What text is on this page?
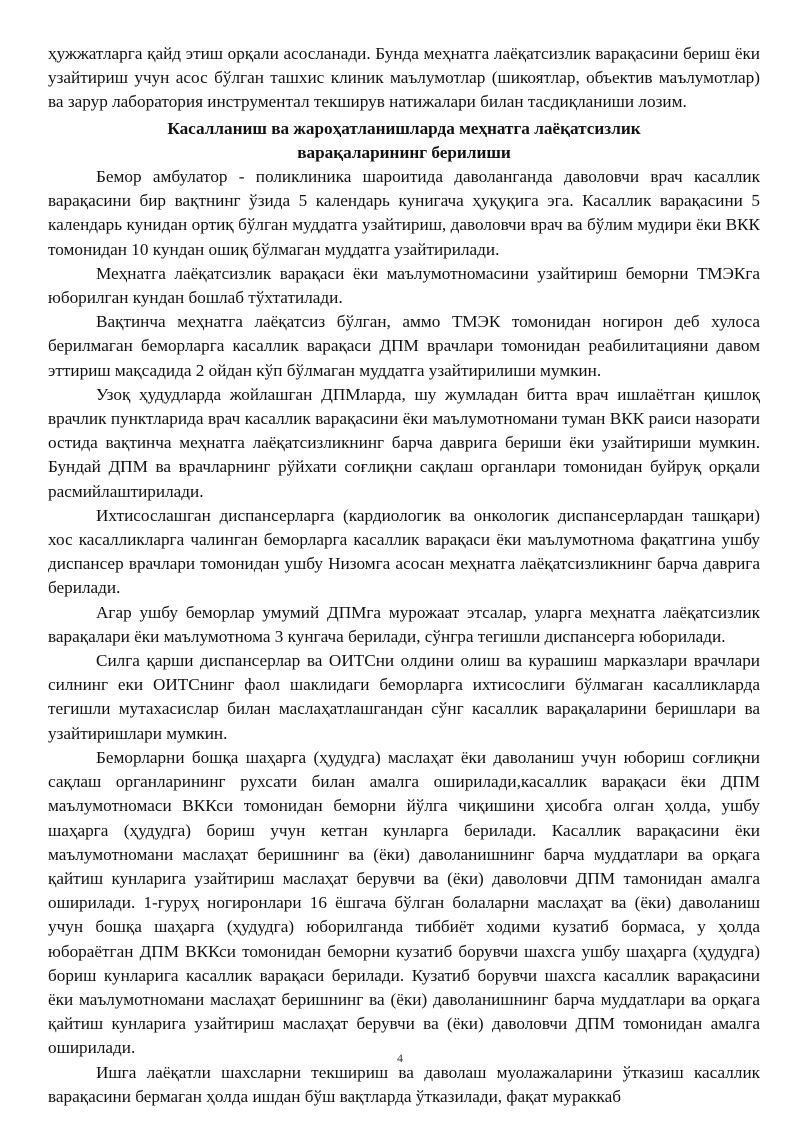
ҳужжатларга қайд этиш орқали асосланади. Бунда меҳнатга лаёқатсизлик варақасини бериш ёки узайтириш учун асос бўлган ташхис клиник маълумотлар (шикоятлар, объектив маълумотлар) ва зарур лаборатория инструментал текширув натижалари билан тасдиқланиши лозим.

Касалланиш ва жароҳатланишларда меҳнатга лаёқатсизлик
варақаларининг берилиши

Бемор амбулатор - поликлиника шароитида даволанганда даволовчи врач касаллик варақасини бир вақтнинг ўзида 5 календарь кунигача ҳуқуқига эга. Касаллик варақасини 5 календарь кунидан ортиқ бўлган муддатга узайтириш, даволовчи врач ва бўлим мудири ёки ВКК томонидан 10 кундан ошиқ бўлмаган муддатга узайтирилади.

Меҳнатга лаёқатсизлик варақаси ёки маълумотномасини узайтириш беморни ТМЭКга юборилган кундан бошлаб тўхтатилади.

Вақтинча меҳнатга лаёқатсиз бўлган, аммо ТМЭК томонидан ногирон деб хулоса берилмаган беморларга касаллик варақаси ДПМ врачлари томонидан реабилитацияни давом эттириш мақсадида 2 ойдан кўп бўлмаган муддатга узайтирилиши мумкин.

Узоқ ҳудудларда жойлашган ДПМларда, шу жумладан битта врач ишлаётган қишлоқ врачлик пунктларида врач касаллик варақасини ёки маълумотномани туман ВКК раиси назорати остида вақтинча меҳнатга лаёқатсизликнинг барча даврига бериши ёки узайтириши мумкин. Бундай ДПМ ва врачларнинг рўйхати соғлиқни сақлаш органлари томонидан буйруқ орқали расмийлаштирилади.

Ихтисослашган диспансерларга (кардиологик ва онкологик диспансерлардан ташқари) хос касалликларга чалинган беморларга касаллик варақаси ёки маълумотнома фақатгина ушбу диспансер врачлари томонидан ушбу Низомга асосан меҳнатга лаёқатсизликнинг барча даврига берилади.

Агар ушбу беморлар умумий ДПМга мурожаат этсалар, уларга меҳнатга лаёқатсизлик варақалари ёки маълумотнома 3 кунгача берилади, сўнгра тегишли диспансерга юборилади.

Силга қарши диспансерлар ва ОИТСни олдини олиш ва курашиш марказлари врачлари силнинг еки ОИТСнинг фаол шаклидаги беморларга ихтисослиги бўлмаган касалликларда тегишли мутахасислар билан маслаҳатлашгандан сўнг касаллик варақаларини беришлари ва узайтиришлари мумкин.

Беморларни бошқа шаҳарга (ҳудудга) маслаҳат ёки даволаниш учун юбориш соғлиқни сақлаш органларининг рухсати билан амалга оширилади,касаллик варақаси ёки ДПМ маълумотномаси ВККси томонидан беморни йўлга чиқишини ҳисобга олган ҳолда, ушбу шаҳарга (ҳудудга) бориш учун кетган кунларга берилади. Касаллик варақасини ёки маълумотномани маслаҳат беришнинг ва (ёки) даволанишнинг барча муддатлари ва орқага қайтиш кунларига узайтириш маслаҳат берувчи ва (ёки) даволовчи ДПМ тамонидан амалга оширилади. 1-гуруҳ ногиронлари 16 ёшгача бўлган болаларни маслаҳат ва (ёки) даволаниш учун бошқа шаҳарга (ҳудудга) юборилганда тиббиёт ходими кузатиб бормаса, у ҳолда юбораётган ДПМ ВККси томонидан беморни кузатиб борувчи шахсга ушбу шаҳарга (ҳудудга) бориш кунларига касаллик варақаси берилади. Кузатиб борувчи шахсга касаллик варақасини ёки маълумотномани маслаҳат беришнинг ва (ёки) даволанишнинг барча муддатлари ва орқага қайтиш кунларига узайтириш маслаҳат берувчи ва (ёки) даволовчи ДПМ томонидан амалга оширилади.

Ишга лаёқатли шахсларни текшириш ва даволаш муолажаларини ўтказиш касаллик варақасини бермаган ҳолда ишдан бўш вақтларда ўтказилади, фақат мураккаб

4
